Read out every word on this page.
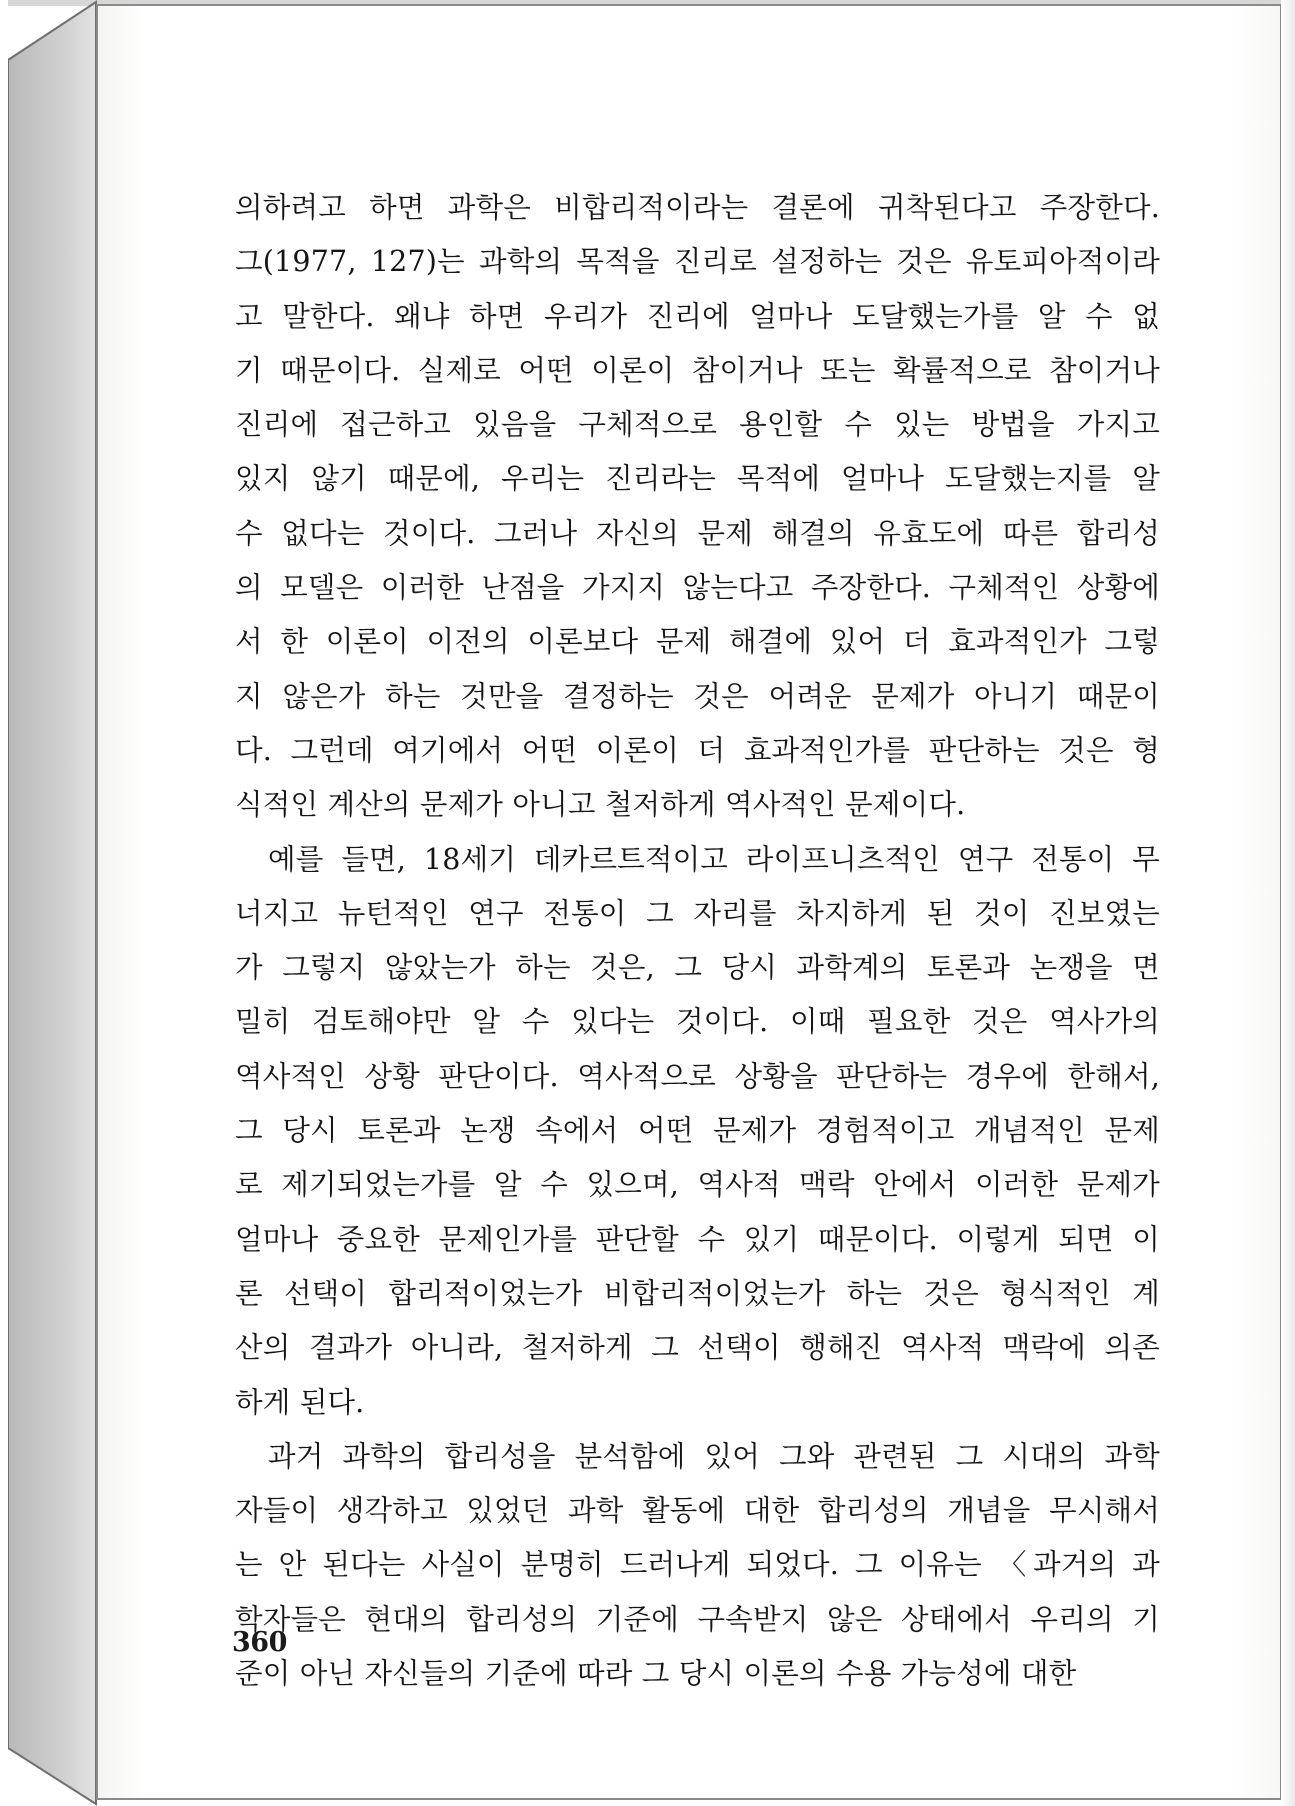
의하려고 하면 과학은 비합리적이라는 결론에 귀착된다고 주장한다.
그(1977, 127)는 과학의 목적을 진리로 설정하는 것은 유토피아적이라
고 말한다. 왜냐 하면 우리가 진리에 얼마나 도달했는가를 알 수 없
기 때문이다. 실제로 어떤 이론이 참이거나 또는 확률적으로 참이거나
진리에 접근하고 있음을 구체적으로 용인할 수 있는 방법을 가지고
있지 않기 때문에, 우리는 진리라는 목적에 얼마나 도달했는지를 알
수 없다는 것이다. 그러나 자신의 문제 해결의 유효도에 따른 합리성
의 모델은 이러한 난점을 가지지 않는다고 주장한다. 구체적인 상황에
서 한 이론이 이전의 이론보다 문제 해결에 있어 더 효과적인가 그렇
지 않은가 하는 것만을 결정하는 것은 어려운 문제가 아니기 때문이
다. 그런데 여기에서 어떤 이론이 더 효과적인가를 판단하는 것은 형
식적인 계산의 문제가 아니고 철저하게 역사적인 문제이다.
예를 들면, 18세기 데카르트적이고 라이프니츠적인 연구 전통이 무
너지고 뉴턴적인 연구 전통이 그 자리를 차지하게 된 것이 진보였는
가 그렇지 않았는가 하는 것은, 그 당시 과학계의 토론과 논쟁을 면
밀히 검토해야만 알 수 있다는 것이다. 이때 필요한 것은 역사가의
역사적인 상황 판단이다. 역사적으로 상황을 판단하는 경우에 한해서,
그 당시 토론과 논쟁 속에서 어떤 문제가 경험적이고 개념적인 문제
로 제기되었는가를 알 수 있으며, 역사적 맥락 안에서 이러한 문제가
얼마나 중요한 문제인가를 판단할 수 있기 때문이다. 이렇게 되면 이
론 선택이 합리적이었는가 비합리적이었는가 하는 것은 형식적인 계
산의 결과가 아니라, 철저하게 그 선택이 행해진 역사적 맥락에 의존
하게 된다.
과거 과학의 합리성을 분석함에 있어 그와 관련된 그 시대의 과학
자들이 생각하고 있었던 과학 활동에 대한 합리성의 개념을 무시해서
는 안 된다는 사실이 분명히 드러나게 되었다. 그 이유는 〈과거의 과
학자들은 현대의 합리성의 기준에 구속받지 않은 상태에서 우리의 기
준이 아닌 자신들의 기준에 따라 그 당시 이론의 수용 가능성에 대한
360
